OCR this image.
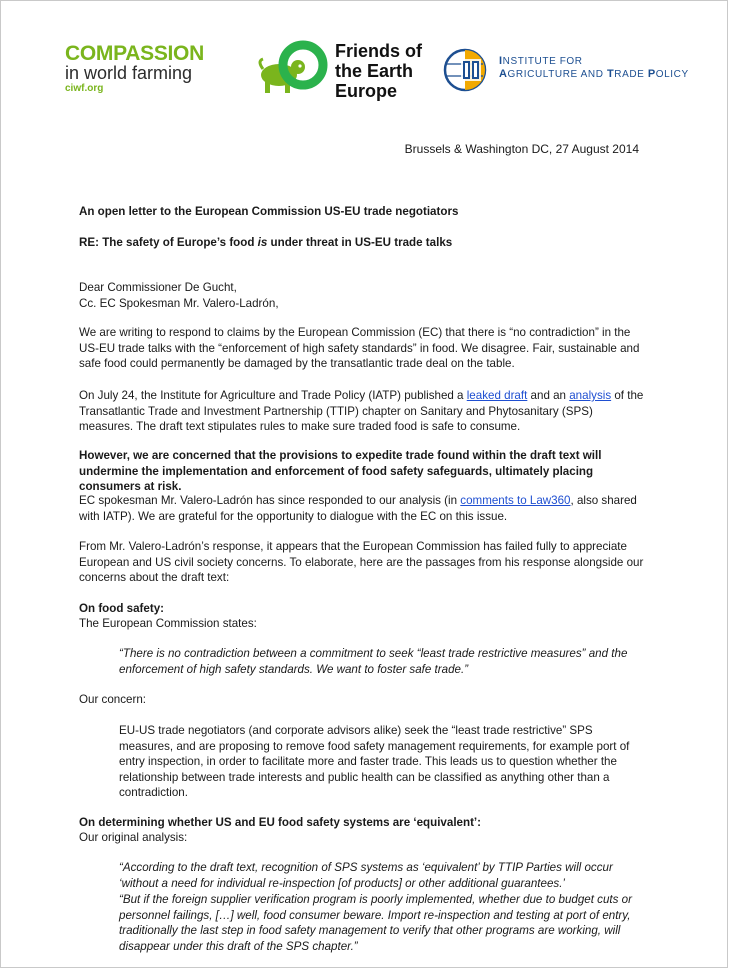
COMPASSION
in world farming
ciwf.org
Friends of
the Earth
Europe
INSTITUTE FOR
AGRICULTURE AND TRADE POLICY
Brussels & Washington DC, 27 August 2014
An open letter to the European Commission US-EU trade negotiators
RE: The safety of Europe’s food is under threat in US-EU trade talks
Dear Commissioner De Gucht,
Cc. EC Spokesman Mr. Valero-Ladrón,

We are writing to respond to claims by the European Commission (EC) that there is “no contradiction” in the US-EU trade talks with the “enforcement of high safety standards” in food. We disagree. Fair, sustainable and safe food could permanently be damaged by the transatlantic trade deal on the table.

On July 24, the Institute for Agriculture and Trade Policy (IATP) published a leaked draft and an analysis of the Transatlantic Trade and Investment Partnership (TTIP) chapter on Sanitary and Phytosanitary (SPS) measures. The draft text stipulates rules to make sure traded food is safe to consume.

However, we are concerned that the provisions to expedite trade found within the draft text will undermine the implementation and enforcement of food safety safeguards, ultimately placing consumers at risk.

EC spokesman Mr. Valero-Ladrón has since responded to our analysis (in comments to Law360, also shared with IATP). We are grateful for the opportunity to dialogue with the EC on this issue.

From Mr. Valero-Ladrón’s response, it appears that the European Commission has failed fully to appreciate European and US civil society concerns. To elaborate, here are the passages from his response alongside our concerns about the draft text:

On food safety:
The European Commission states:

“There is no contradiction between a commitment to seek “least trade restrictive measures” and the enforcement of high safety standards. We want to foster safe trade.”

Our concern:

EU-US trade negotiators (and corporate advisors alike) seek the “least trade restrictive” SPS measures, and are proposing to remove food safety management requirements, for example port of entry inspection, in order to facilitate more and faster trade. This leads us to question whether the relationship between trade interests and public health can be classified as anything other than a contradiction.

On determining whether US and EU food safety systems are ‘equivalent’:
Our original analysis:

“According to the draft text, recognition of SPS systems as ‘equivalent’ by TTIP Parties will occur ‘without a need for individual re-inspection [of products] or other additional guarantees.’

“But if the foreign supplier verification program is poorly implemented, whether due to budget cuts or personnel failings, […] well, food consumer beware. Import re-inspection and testing at port of entry, traditionally the last step in food safety management to verify that other programs are working, will disappear under this draft of the SPS chapter.”
